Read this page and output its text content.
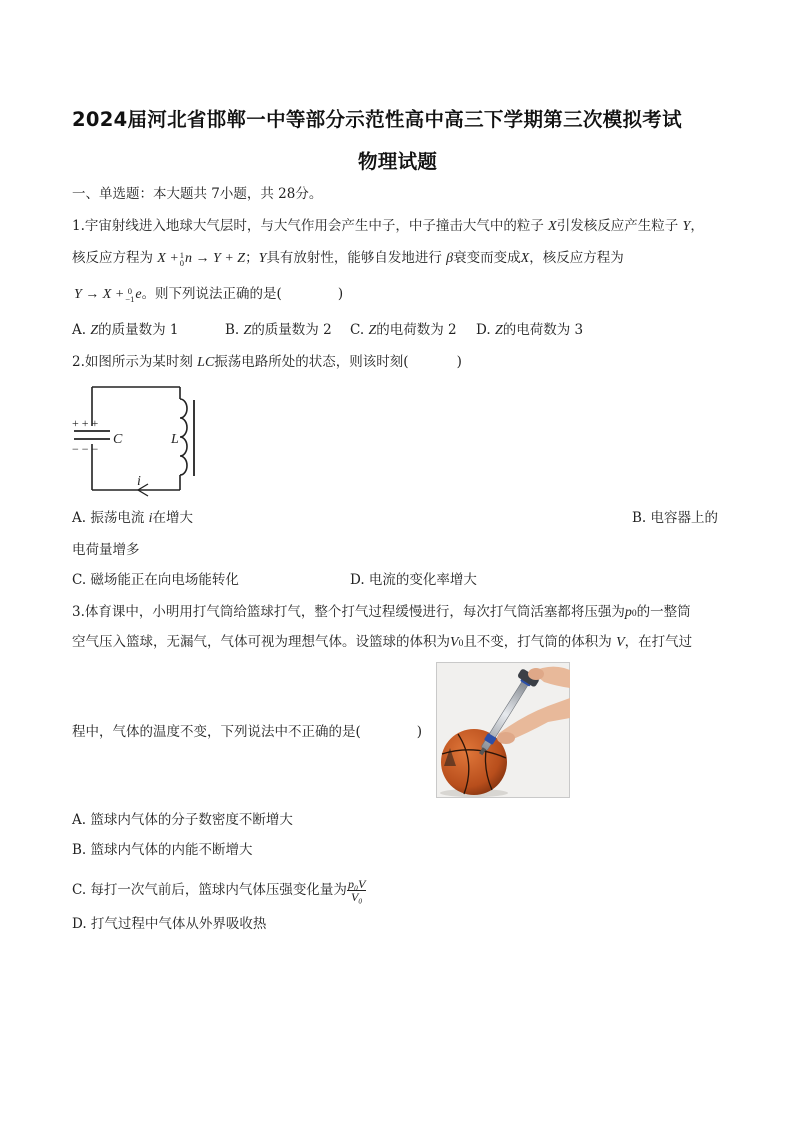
2024届河北省邯郸一中等部分示范性高中高三下学期第三次模拟考试
物理试题
一、单选题：本大题共 7小题，共 28分。
1.宇宙射线进入地球大气层时，与大气作用会产生中子，中子撞击大气中的粒子 X引发核反应产生粒子 Y，
核反应方程为 X + 1
0 n → Y + Z；Y具有放射性，能够自发地进行 β衰变而变成X，核反应方程为
Y → X + 0
−1 e。则下列说法正确的是(	)
A. Z的质量数为 1	B. Z的质量数为 2 C. Z的电荷数为 2 D. Z的电荷数为 3
2.如图所示为某时刻 LC振荡电路所处的状态，则该时刻(	)
+ + +
− − −
C	L
i
A. 振荡电流 i在增大	B. 电容器上的
电荷量增多
C. 磁场能正在向电场能转化	D. 电流的变化率增大
3.体育课中，小明用打气筒给篮球打气，整个打气过程缓慢进行，每次打气筒活塞都将压强为p0的一整筒
空气压入篮球，无漏气，气体可视为理想气体。设篮球的体积为V0且不变，打气筒的体积为 V，在打气过
程中，气体的温度不变，下列说法中不正确的是(	)
A. 篮球内气体的分子数密度不断增大
B. 篮球内气体的内能不断增大
C. 每打一次气前后，篮球内气体压强变化量为 $\frac{\text{p₀V}}{\text{V₀}}$
D. 打气过程中气体从外界吸收热
